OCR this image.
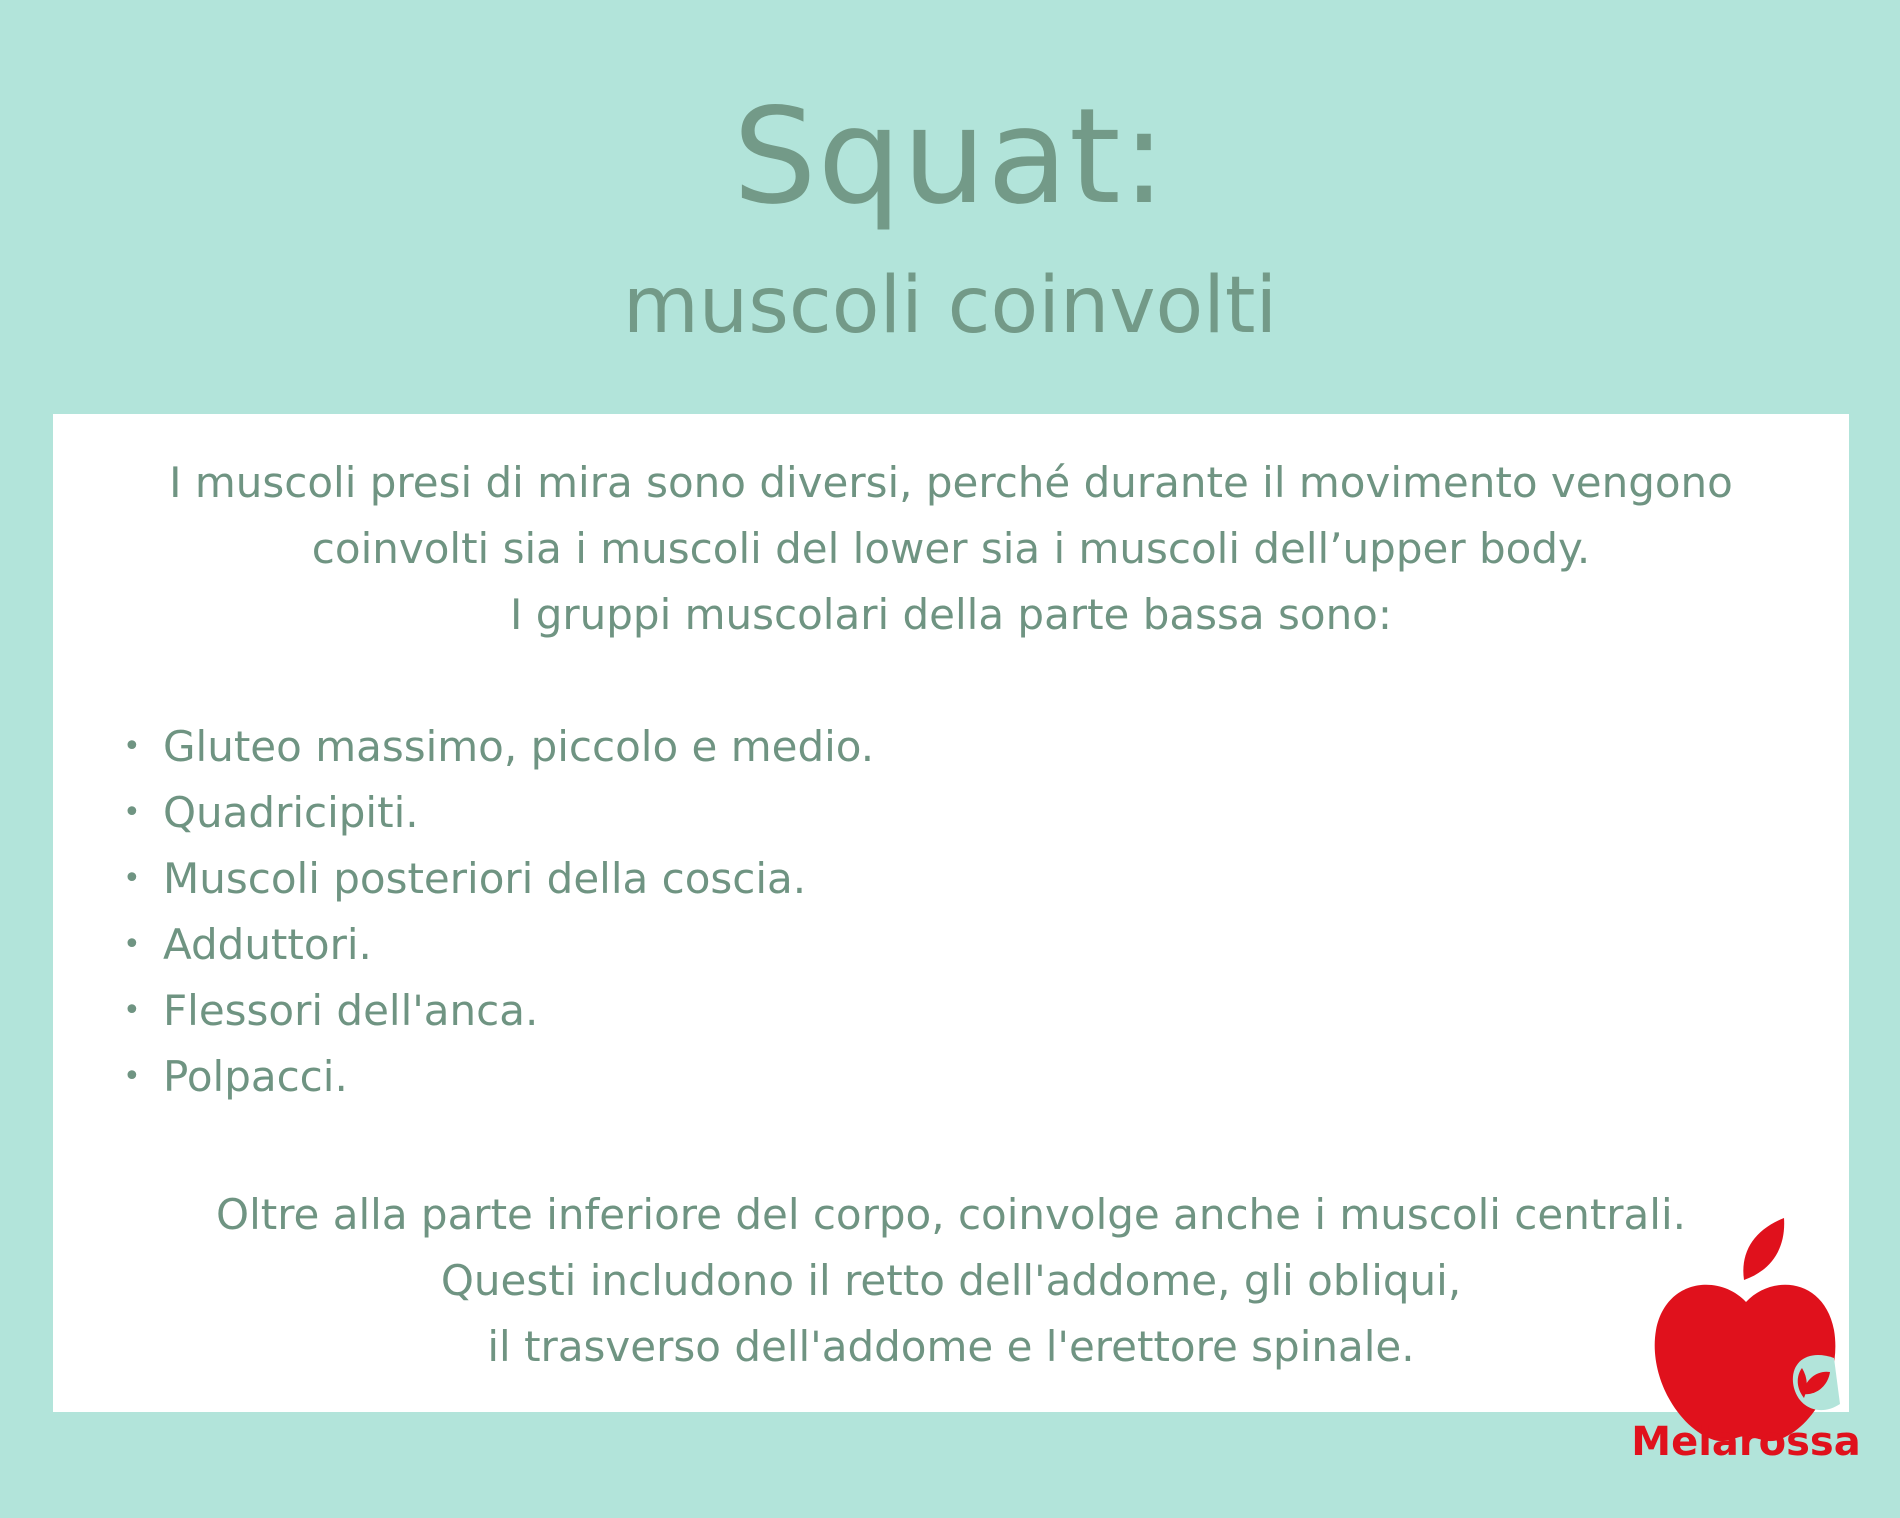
Squat:
muscoli coinvolti
I muscoli presi di mira sono diversi, perché durante il movimento vengono
coinvolti sia i muscoli del lower sia i muscoli dell’upper body.
I gruppi muscolari della parte bassa sono:
• Gluteo massimo, piccolo e medio.
• Quadricipiti.
• Muscoli posteriori della coscia.
• Adduttori.
• Flessori dell'anca.
• Polpacci.
Oltre alla parte inferiore del corpo, coinvolge anche i muscoli centrali.
Questi includono il retto dell'addome, gli obliqui,
il trasverso dell'addome e l'erettore spinale.
Melarossa
